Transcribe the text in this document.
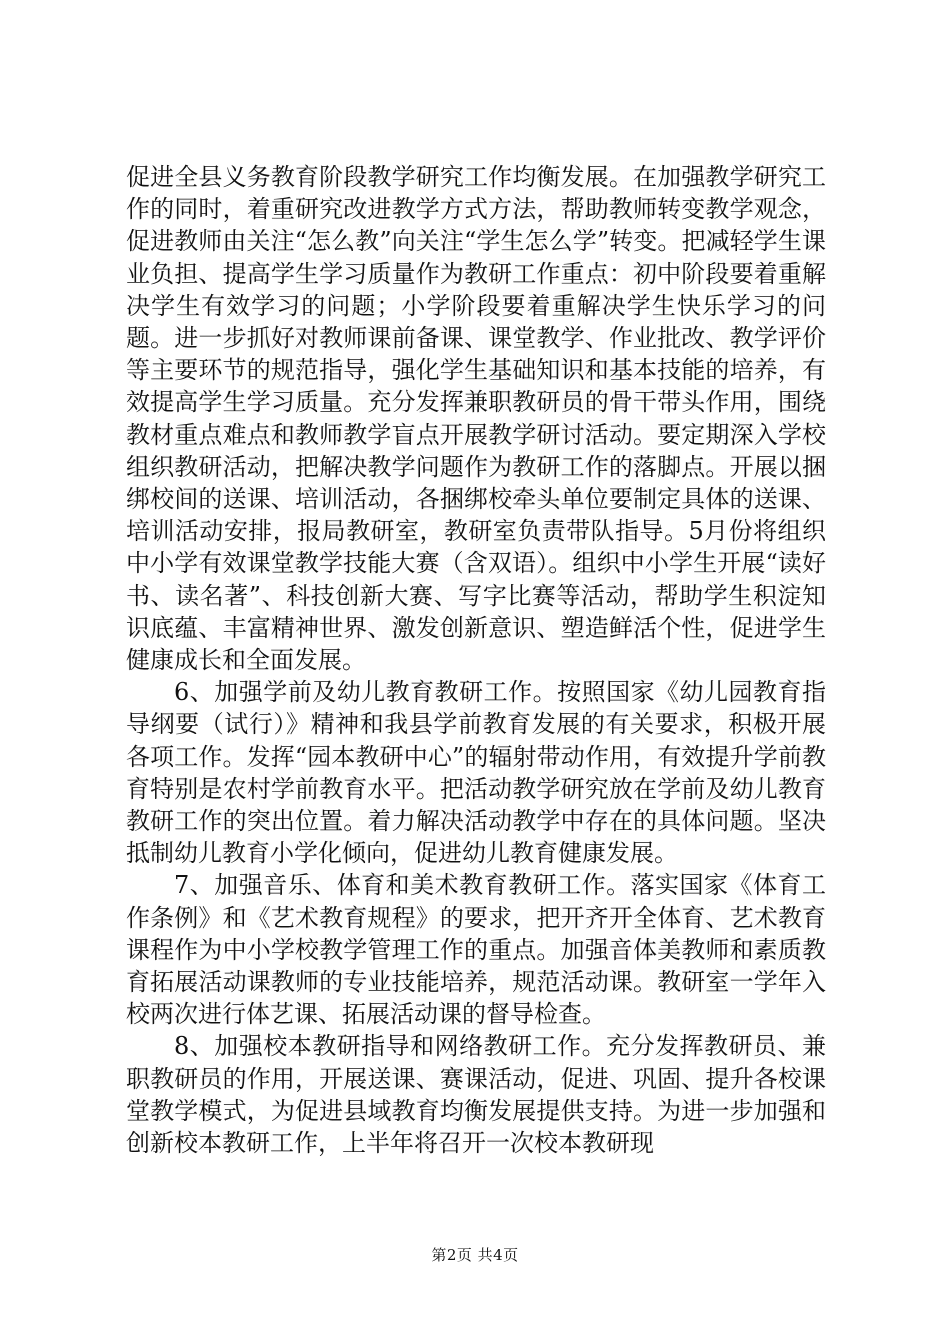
促进全县义务教育阶段教学研究工作均衡发展。在加强教学研究工作的同时，着重研究改进教学方式方法，帮助教师转变教学观念，促进教师由关注“怎么教”向关注“学生怎么学”转变。把减轻学生课业负担、提高学生学习质量作为教研工作重点：初中阶段要着重解决学生有效学习的问题；小学阶段要着重解决学生快乐学习的问题。进一步抓好对教师课前备课、课堂教学、作业批改、教学评价等主要环节的规范指导，强化学生基础知识和基本技能的培养，有效提高学生学习质量。充分发挥兼职教研员的骨干带头作用，围绕教材重点难点和教师教学盲点开展教学研讨活动。要定期深入学校组织教研活动，把解决教学问题作为教研工作的落脚点。开展以捆绑校间的送课、培训活动，各捆绑校牵头单位要制定具体的送课、培训活动安排，报局教研室，教研室负责带队指导。5月份将组织中小学有效课堂教学技能大赛（含双语）。组织中小学生开展“读好书、读名著”、科技创新大赛、写字比赛等活动，帮助学生积淀知识底蕴、丰富精神世界、激发创新意识、塑造鲜活个性，促进学生健康成长和全面发展。

6、加强学前及幼儿教育教研工作。按照国家《幼儿园教育指导纲要（试行）》精神和我县学前教育发展的有关要求，积极开展各项工作。发挥“园本教研中心”的辐射带动作用，有效提升学前教育特别是农村学前教育水平。把活动教学研究放在学前及幼儿教育教研工作的突出位置。着力解决活动教学中存在的具体问题。坚决抵制幼儿教育小学化倾向，促进幼儿教育健康发展。

7、加强音乐、体育和美术教育教研工作。落实国家《体育工作条例》和《艺术教育规程》的要求，把开齐开全体育、艺术教育课程作为中小学校教学管理工作的重点。加强音体美教师和素质教育拓展活动课教师的专业技能培养，规范活动课。教研室一学年入校两次进行体艺课、拓展活动课的督导检查。

8、加强校本教研指导和网络教研工作。充分发挥教研员、兼职教研员的作用，开展送课、赛课活动，促进、巩固、提升各校课堂教学模式，为促进县域教育均衡发展提供支持。为进一步加强和创新校本教研工作，上半年将召开一次校本教研现

第2页 共4页
